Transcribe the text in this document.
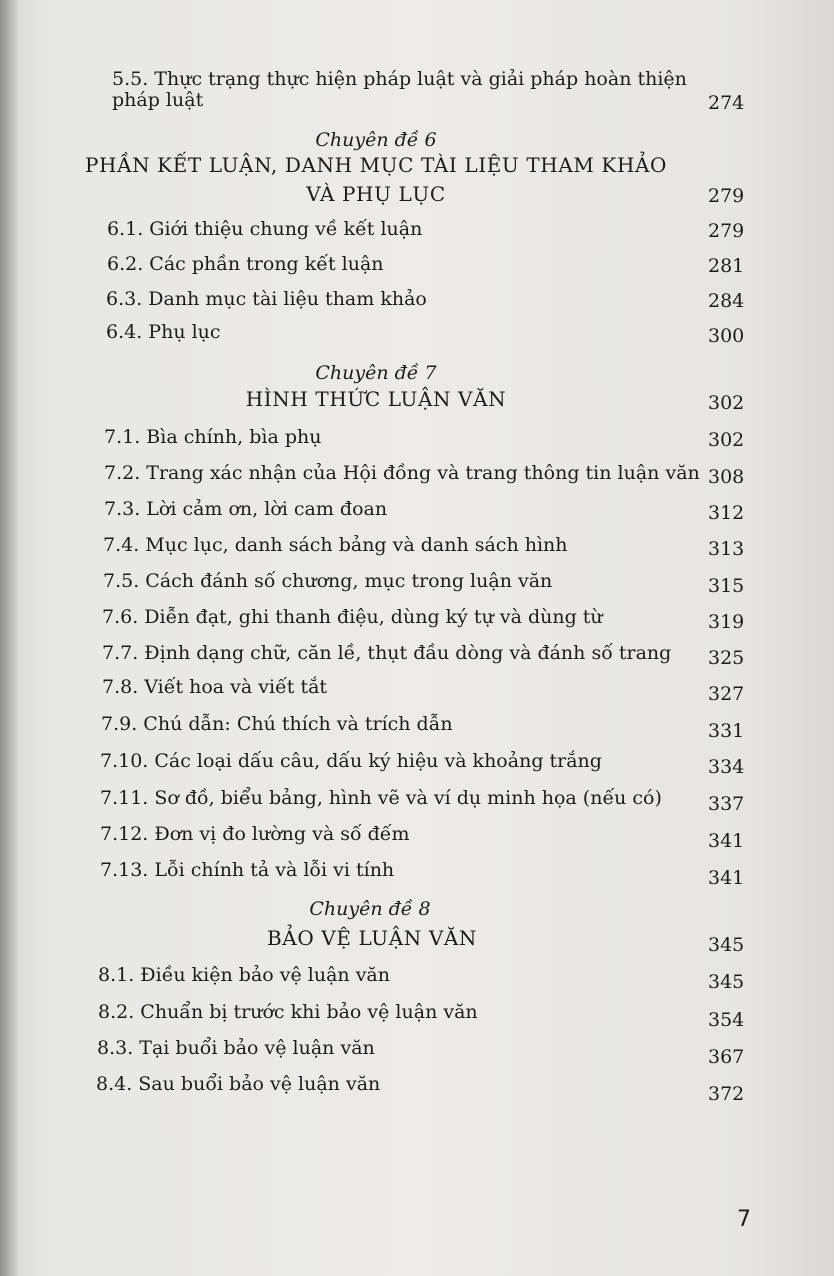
5.5. Thực trạng thực hiện pháp luật và giải pháp hoàn thiện
pháp luật	274
Chuyên đề 6
PHẦN KẾT LUẬN, DANH MỤC TÀI LIỆU THAM KHẢO
VÀ PHỤ LỤC	279
6.1. Giới thiệu chung về kết luận	279
6.2. Các phần trong kết luận	281
6.3. Danh mục tài liệu tham khảo	284
6.4. Phụ lục	300
Chuyên đề 7
HÌNH THỨC LUẬN VĂN	302
7.1. Bìa chính, bìa phụ	302
7.2. Trang xác nhận của Hội đồng và trang thông tin luận văn 308
7.3. Lời cảm ơn, lời cam đoan	312
7.4. Mục lục, danh sách bảng và danh sách hình	313
7.5. Cách đánh số chương, mục trong luận văn	315
7.6. Diễn đạt, ghi thanh điệu, dùng ký tự và dùng từ	319
7.7. Định dạng chữ, căn lề, thụt đầu dòng và đánh số trang 325
7.8. Viết hoa và viết tắt	327
7.9. Chú dẫn: Chú thích và trích dẫn	331
7.10. Các loại dấu câu, dấu ký hiệu và khoảng trắng	334
7.11. Sơ đồ, biểu bảng, hình vẽ và ví dụ minh họa (nếu có) 337
7.12. Đơn vị đo lường và số đếm	341
7.13. Lỗi chính tả và lỗi vi tính	341
Chuyên đề 8
BẢO VỆ LUẬN VĂN	345
8.1. Điều kiện bảo vệ luận văn	345
8.2. Chuẩn bị trước khi bảo vệ luận văn	354
8.3. Tại buổi bảo vệ luận văn	367
8.4. Sau buổi bảo vệ luận văn	372
7
